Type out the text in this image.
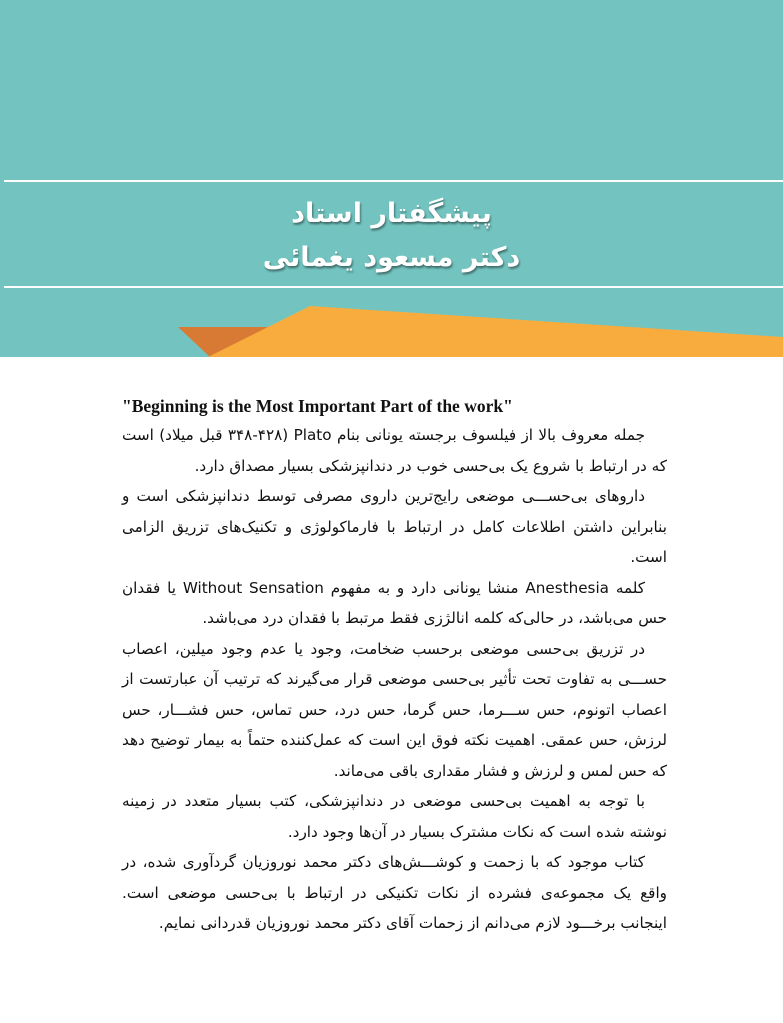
پیشگفتار استاد
دکتر مسعود یغمائی

"Beginning is the Most Important Part of the work"

جمله معروف بالا از فیلسوف برجسته یونانی بنام Plato (۳۴۸-۴۲۸ قبل میلاد) است که در ارتباط با شروع یک بی‌حسی خوب در دندانپزشکی بسیار مصداق دارد.

داروهای بی‌حســـی موضعی رایج‌ترین داروی مصرفی توسط دندانپزشکی است و بنابراین داشتن اطلاعات کامل در ارتباط با فارماکولوژی و تکنیک‌های تزریق الزامی است.

کلمه Anesthesia منشا یونانی دارد و به مفهوم Without Sensation یا فقدان حس می‌باشد، در حالی‌که کلمه انالژزی فقط مرتبط با فقدان درد می‌باشد.

در تزریق بی‌حسی موضعی برحسب ضخامت، وجود یا عدم وجود میلین، اعصاب حســـی به تفاوت تحت تأثیر بی‌حسی موضعی قرار می‌گیرند که ترتیب آن عبارتست از اعصاب اتونوم، حس ســـرما، حس گرما، حس درد، حس تماس، حس فشـــار، حس لرزش، حس عمقی. اهمیت نکته فوق این است که عمل‌کننده حتماً به بیمار توضیح دهد که حس لمس و لرزش و فشار مقداری باقی می‌ماند.

با توجه به اهمیت بی‌حسی موضعی در دندانپزشکی، کتب بسیار متعدد در زمینه نوشته شده است که نکات مشترک بسیار در آن‌ها وجود دارد.

کتاب موجود که با زحمت و کوشـــش‌های دکتر محمد نوروزیان گردآوری شده، در واقع یک مجموعه‌ی فشرده از نکات تکنیکی در ارتباط با بی‌حسی موضعی است. اینجانب برخـــود لازم می‌دانم از زحمات آقای دکتر محمد نوروزیان قدردانی نمایم.
